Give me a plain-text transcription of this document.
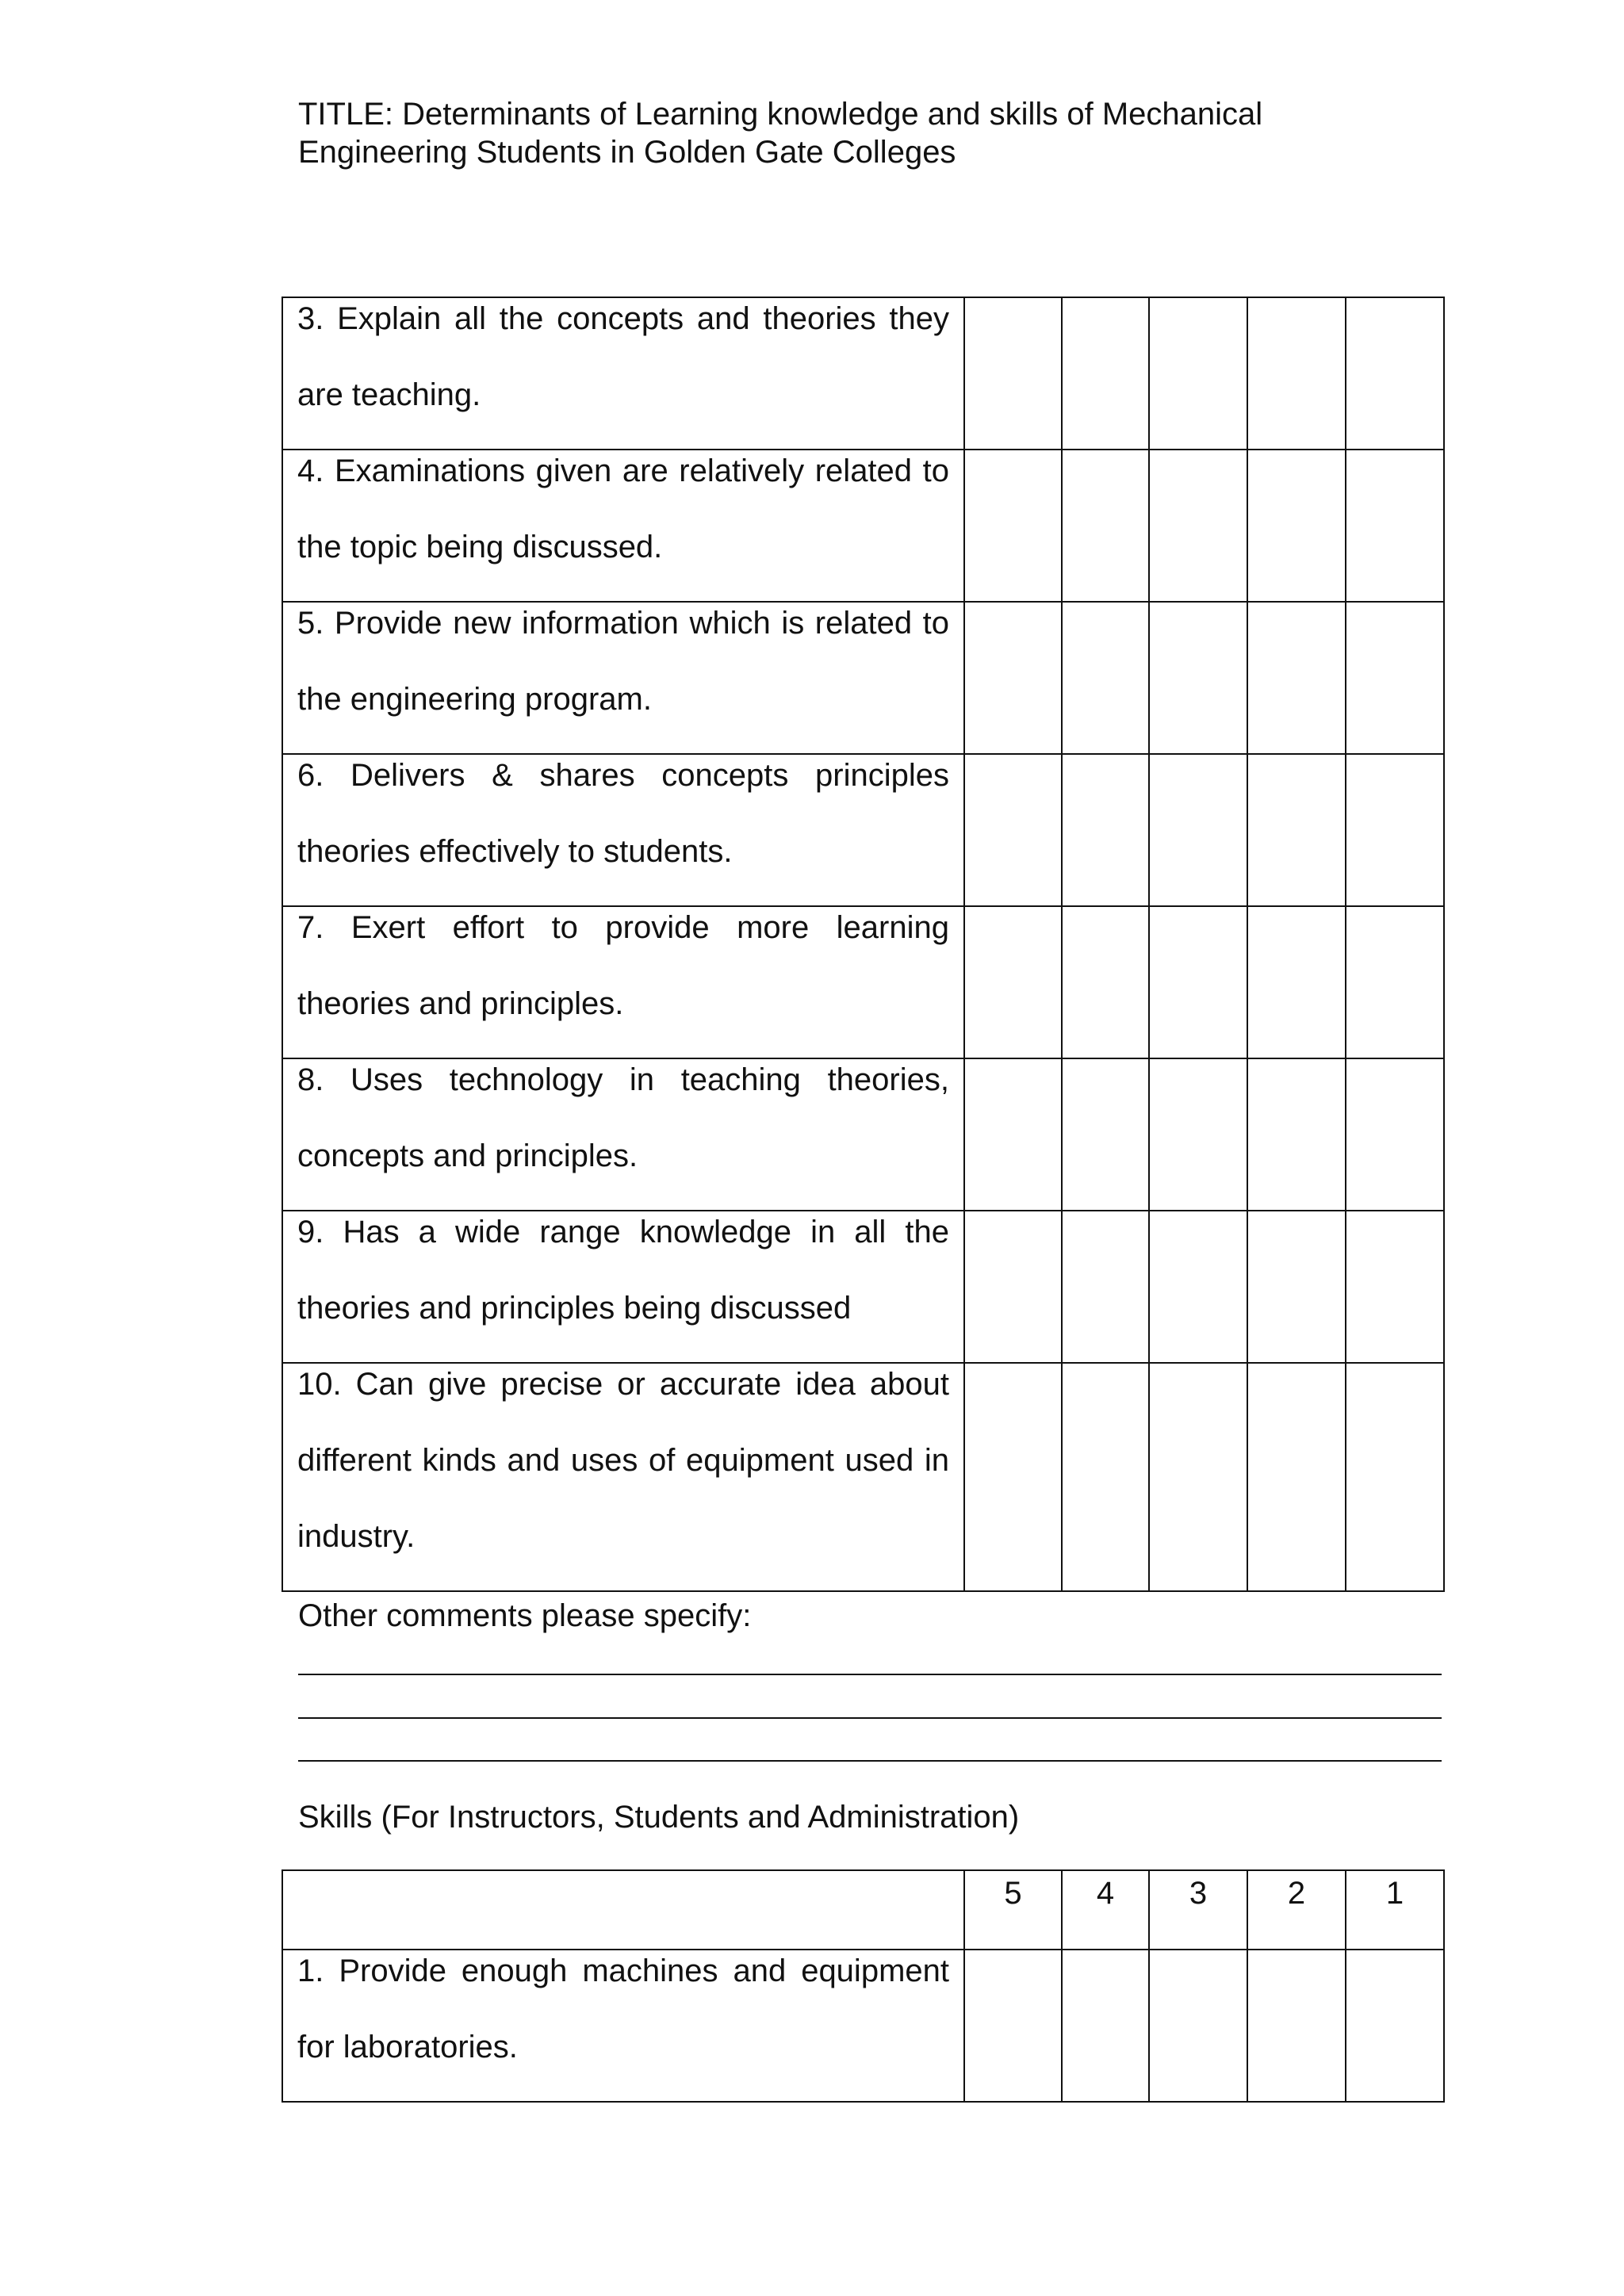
TITLE: Determinants of Learning knowledge and skills of Mechanical
Engineering Students in Golden Gate Colleges
3. Explain all the concepts and theories they are teaching.					

4. Examinations given are relatively related to the topic being discussed.					

5. Provide new information which is related to the engineering program.					

6. Delivers & shares concepts principles theories effectively to students.					

7. Exert effort to provide more learning theories and principles.					

8. Uses technology in teaching theories, concepts and principles.					

9. Has a wide range knowledge in all the theories and principles being discussed					

10. Can give precise or accurate idea about different kinds and uses of equipment used in industry.					

Other comments please specify:
Skills (For Instructors, Students and Administration)
	5	4	3	2	1

1. Provide enough machines and equipment for laboratories.					
